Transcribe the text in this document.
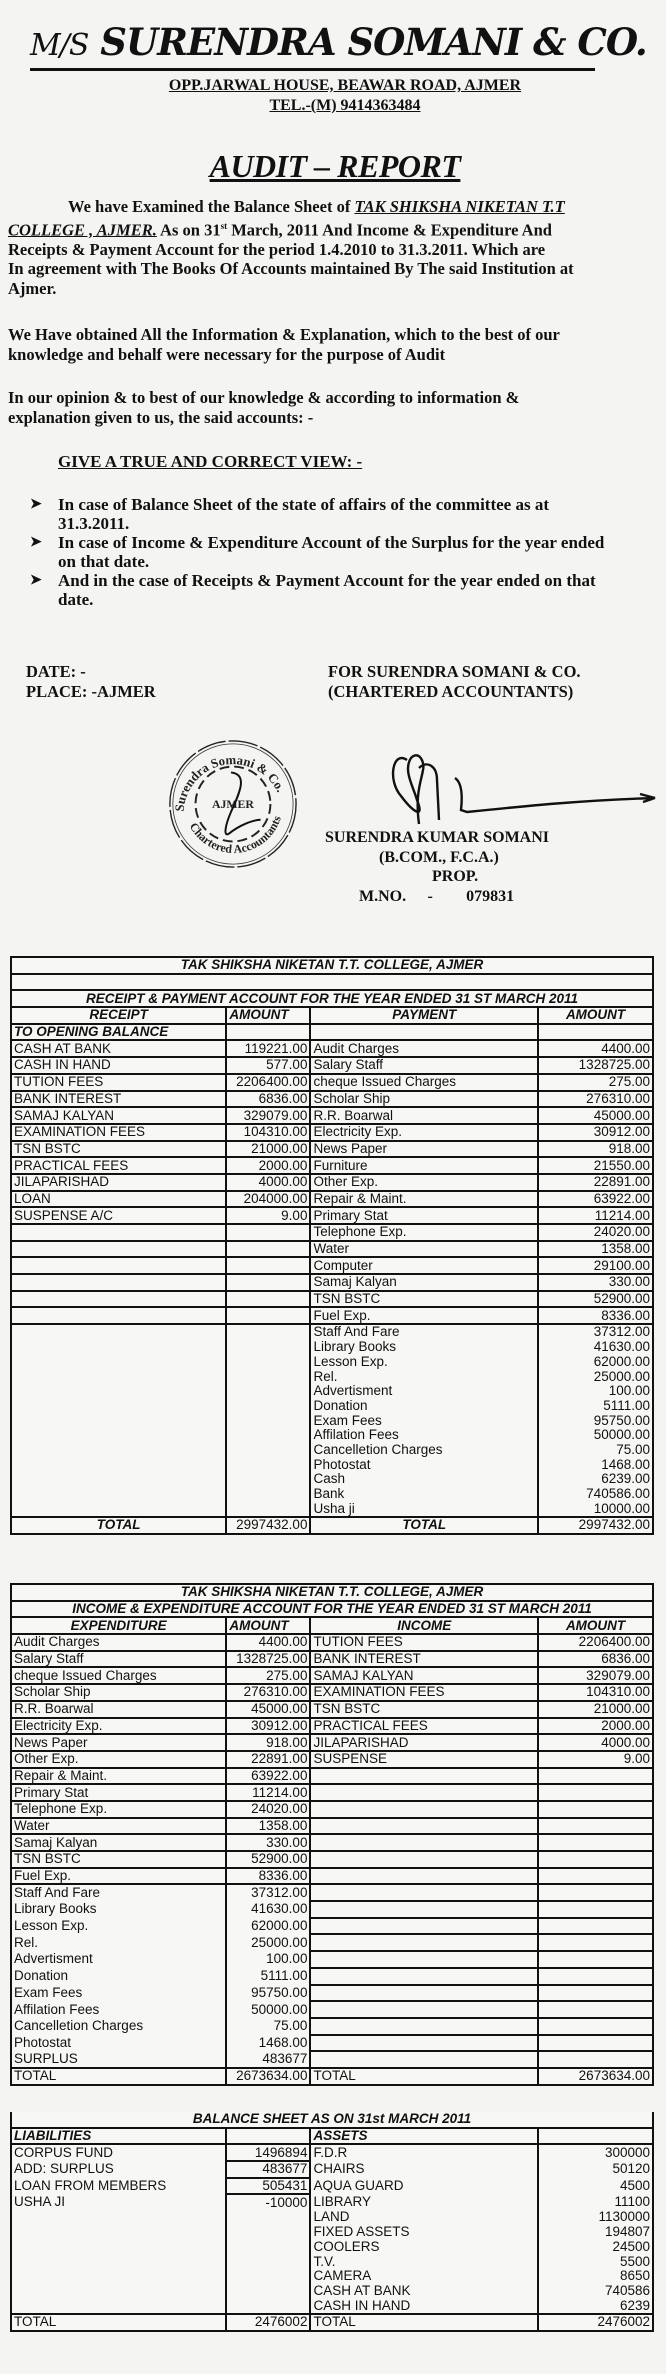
M/S SURENDRA SOMANI & CO.
OPP.JARWAL HOUSE, BEAWAR ROAD, AJMER
TEL.-(M) 9414363484
AUDIT – REPORT
We have Examined the Balance Sheet of TAK SHIKSHA NIKETAN T.T
COLLEGE , AJMER. As on 31st March, 2011 And Income & Expenditure And
Receipts & Payment Account for the period 1.4.2010 to 31.3.2011. Which are
In agreement with The Books Of Accounts maintained By The said Institution at
Ajmer.
We Have obtained All the Information & Explanation, which to the best of our
knowledge and behalf were necessary for the purpose of Audit
In our opinion & to best of our knowledge & according to information &
explanation given to us, the said accounts: -
GIVE A TRUE AND CORRECT VIEW: -
➤ In case of Balance Sheet of the state of affairs of the committee as at
31.3.2011.
➤ In case of Income & Expenditure Account of the Surplus for the year ended
on that date.
➤ And in the case of Receipts & Payment Account for the year ended on that
date.
DATE: -
PLACE: -AJMER
FOR SURENDRA SOMANI & CO.
(CHARTERED ACCOUNTANTS)
Surendra Somani & Co.
Chartered Accountants
AJMER
SURENDRA KUMAR SOMANI
(B.COM., F.C.A.)
PROP.
M.NO. - 079831
TAK SHIKSHA NIKETAN T.T. COLLEGE, AJMER			

RECEIPT & PAYMENT ACCOUNT FOR THE YEAR ENDED 31 ST MARCH 2011			
RECEIPT	AMOUNT	PAYMENT	AMOUNT
TO OPENING BALANCE			
CASH AT BANK	119221.00	Audit Charges	4400.00
CASH IN HAND	577.00	Salary Staff	1328725.00
TUTION FEES	2206400.00	cheque Issued Charges	275.00
BANK INTEREST	6836.00	Scholar Ship	276310.00
SAMAJ KALYAN	329079.00	R.R. Boarwal	45000.00
EXAMINATION FEES	104310.00	Electricity Exp.	30912.00
TSN BSTC	21000.00	News Paper	918.00
PRACTICAL FEES	2000.00	Furniture	21550.00
JILAPARISHAD	4000.00	Other Exp.	22891.00
LOAN	204000.00	Repair & Maint.	63922.00
SUSPENSE A/C	9.00	Primary Stat	11214.00
		Telephone Exp.	24020.00
		Water	1358.00
		Computer	29100.00
		Samaj Kalyan	330.00
		TSN BSTC	52900.00
		Fuel Exp.	8336.00
		Staff And Fare	37312.00
		Library Books	41630.00
		Lesson Exp.	62000.00
		Rel.	25000.00
		Advertisment	100.00
		Donation	5111.00
		Exam Fees	95750.00
		Affilation Fees	50000.00
		Cancelletion Charges	75.00
		Photostat	1468.00
		Cash	6239.00
		Bank	740586.00
		Usha ji	10000.00
TOTAL	2997432.00	TOTAL	2997432.00
TAK SHIKSHA NIKETAN T.T. COLLEGE, AJMER			
INCOME & EXPENDITURE ACCOUNT FOR THE YEAR ENDED 31 ST MARCH 2011			
EXPENDITURE	AMOUNT	INCOME	AMOUNT
Audit Charges	4400.00	TUTION FEES	2206400.00
Salary Staff	1328725.00	BANK INTEREST	6836.00
cheque Issued Charges	275.00	SAMAJ KALYAN	329079.00
Scholar Ship	276310.00	EXAMINATION FEES	104310.00
R.R. Boarwal	45000.00	TSN BSTC	21000.00
Electricity Exp.	30912.00	PRACTICAL FEES	2000.00
News Paper	918.00	JILAPARISHAD	4000.00
Other Exp.	22891.00	SUSPENSE	9.00
Repair & Maint.	63922.00		
Primary Stat	11214.00		
Telephone Exp.	24020.00		
Water	1358.00		
Samaj Kalyan	330.00		
TSN BSTC	52900.00		
Fuel Exp.	8336.00		
Staff And Fare	37312.00		
Library Books	41630.00		
Lesson Exp.	62000.00		
Rel.	25000.00		
Advertisment	100.00		
Donation	5111.00		
Exam Fees	95750.00		
Affilation Fees	50000.00		
Cancelletion Charges	75.00		
Photostat	1468.00		
SURPLUS	483677		
TOTAL	2673634.00	TOTAL	2673634.00
BALANCE SHEET AS ON 31st MARCH 2011			
LIABILITIES		ASSETS	
CORPUS FUND	1496894	F.D.R	300000
ADD: SURPLUS	483677	CHAIRS	50120
LOAN FROM MEMBERS	505431	AQUA GUARD	4500
USHA JI	-10000	LIBRARY	11100
		LAND	1130000
		FIXED ASSETS	194807
		COOLERS	24500
		T.V.	5500
		CAMERA	8650
		CASH AT BANK	740586
		CASH IN HAND	6239
TOTAL	2476002	TOTAL	2476002
